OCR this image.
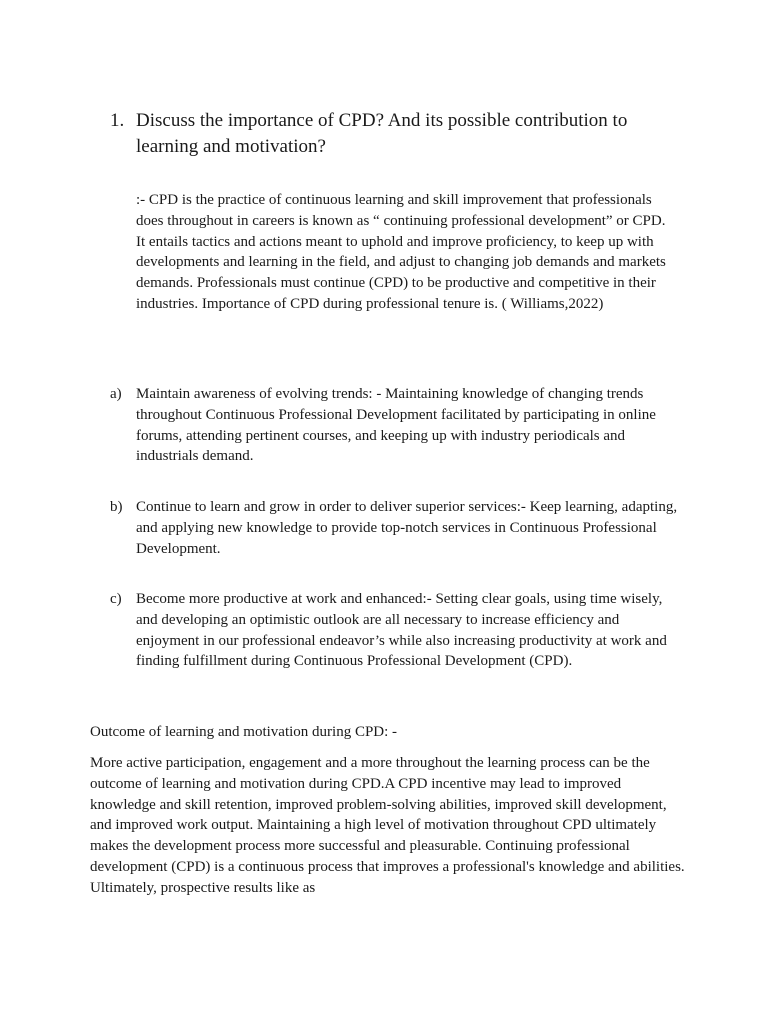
1. Discuss the importance of CPD? And its possible contribution to learning and motivation?

:- CPD is the practice of continuous learning and skill improvement that professionals does throughout in careers is known as “ continuing professional development” or CPD. It entails tactics and actions meant to uphold and improve proficiency, to keep up with developments and learning in the field, and adjust to changing job demands and markets demands. Professionals must continue (CPD) to be productive and competitive in their industries. Importance of CPD during professional tenure is. ( Williams,2022)

a) Maintain awareness of evolving trends: - Maintaining knowledge of changing trends throughout Continuous Professional Development facilitated by participating in online forums, attending pertinent courses, and keeping up with industry periodicals and industrials demand.
b) Continue to learn and grow in order to deliver superior services:- Keep learning, adapting, and applying new knowledge to provide top-notch services in Continuous Professional Development.
c) Become more productive at work and enhanced:- Setting clear goals, using time wisely, and developing an optimistic outlook are all necessary to increase efficiency and enjoyment in our professional endeavor’s while also increasing productivity at work and finding fulfillment during Continuous Professional Development (CPD).

Outcome of learning and motivation during CPD: -

More active participation, engagement and a more throughout the learning process can be the outcome of learning and motivation during CPD.A CPD incentive may lead to improved knowledge and skill retention, improved problem-solving abilities, improved skill development, and improved work output. Maintaining a high level of motivation throughout CPD ultimately makes the development process more successful and pleasurable. Continuing professional development (CPD) is a continuous process that improves a professional's knowledge and abilities. Ultimately, prospective results like as
